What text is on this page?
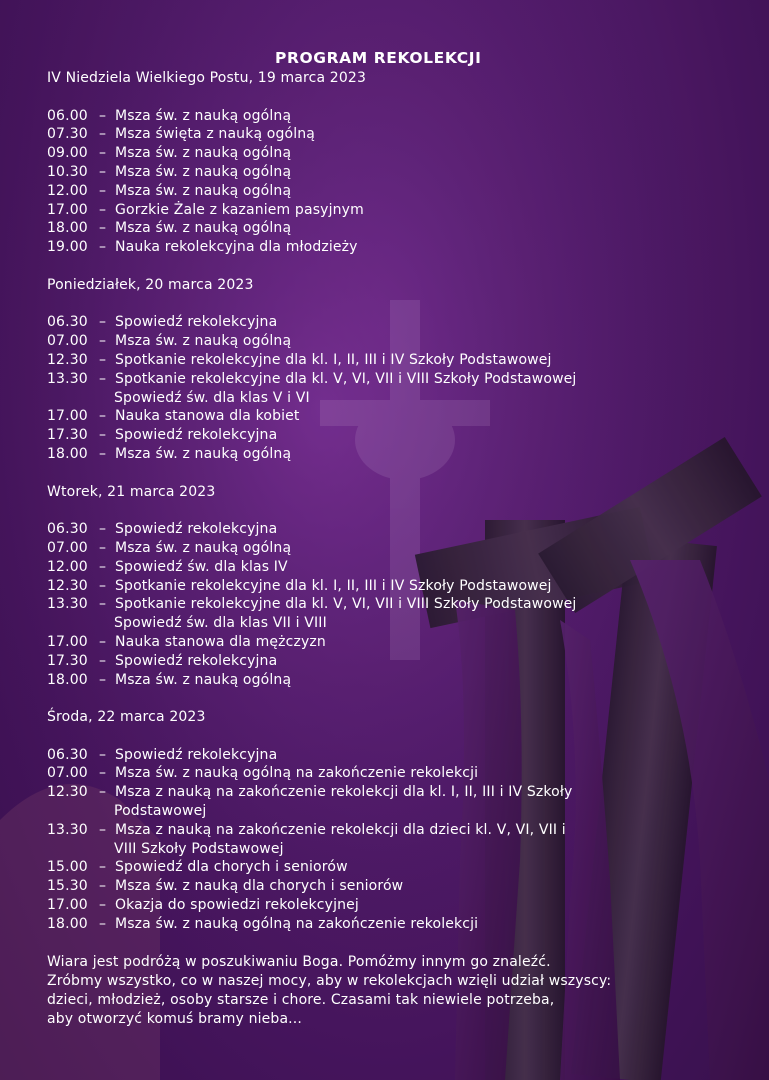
PROGRAM REKOLEKCJI
IV Niedziela Wielkiego Postu, 19 marca 2023
06.00 – Msza św. z nauką ogólną
07.30 – Msza święta z nauką ogólną
09.00 – Msza św. z nauką ogólną
10.30 – Msza św. z nauką ogólną
12.00 – Msza św. z nauką ogólną
17.00 – Gorzkie Żale z kazaniem pasyjnym
18.00 – Msza św. z nauką ogólną
19.00 – Nauka rekolekcyjna dla młodzieży
Poniedziałek, 20 marca 2023
06.30 – Spowiedź rekolekcyjna
07.00 – Msza św. z nauką ogólną
12.30 – Spotkanie rekolekcyjne dla kl. I, II, III i IV Szkoły Podstawowej
13.30 – Spotkanie rekolekcyjne dla kl. V, VI, VII i VIII Szkoły Podstawowej
Spowiedź św. dla klas V i VI
17.00 – Nauka stanowa dla kobiet
17.30 – Spowiedź rekolekcyjna
18.00 – Msza św. z nauką ogólną
Wtorek, 21 marca 2023
06.30 – Spowiedź rekolekcyjna
07.00 – Msza św. z nauką ogólną
12.00 – Spowiedź św. dla klas IV
12.30 – Spotkanie rekolekcyjne dla kl. I, II, III i IV Szkoły Podstawowej
13.30 – Spotkanie rekolekcyjne dla kl. V, VI, VII i VIII Szkoły Podstawowej
Spowiedź św. dla klas VII i VIII
17.00 – Nauka stanowa dla mężczyzn
17.30 – Spowiedź rekolekcyjna
18.00 – Msza św. z nauką ogólną
Środa, 22 marca 2023
06.30 – Spowiedź rekolekcyjna
07.00 – Msza św. z nauką ogólną na zakończenie rekolekcji
12.30 – Msza z nauką na zakończenie rekolekcji dla kl. I, II, III i IV Szkoły
Podstawowej
13.30 – Msza z nauką na zakończenie rekolekcji dla dzieci kl. V, VI, VII i
VIII Szkoły Podstawowej
15.00 – Spowiedź dla chorych i seniorów
15.30 – Msza św. z nauką dla chorych i seniorów
17.00 – Okazja do spowiedzi rekolekcyjnej
18.00 – Msza św. z nauką ogólną na zakończenie rekolekcji
Wiara jest podróżą w poszukiwaniu Boga. Pomóżmy innym go znaleźć.
Zróbmy wszystko, co w naszej mocy, aby w rekolekcjach wzięli udział wszyscy:
dzieci, młodzież, osoby starsze i chore. Czasami tak niewiele potrzeba,
aby otworzyć komuś bramy nieba...
